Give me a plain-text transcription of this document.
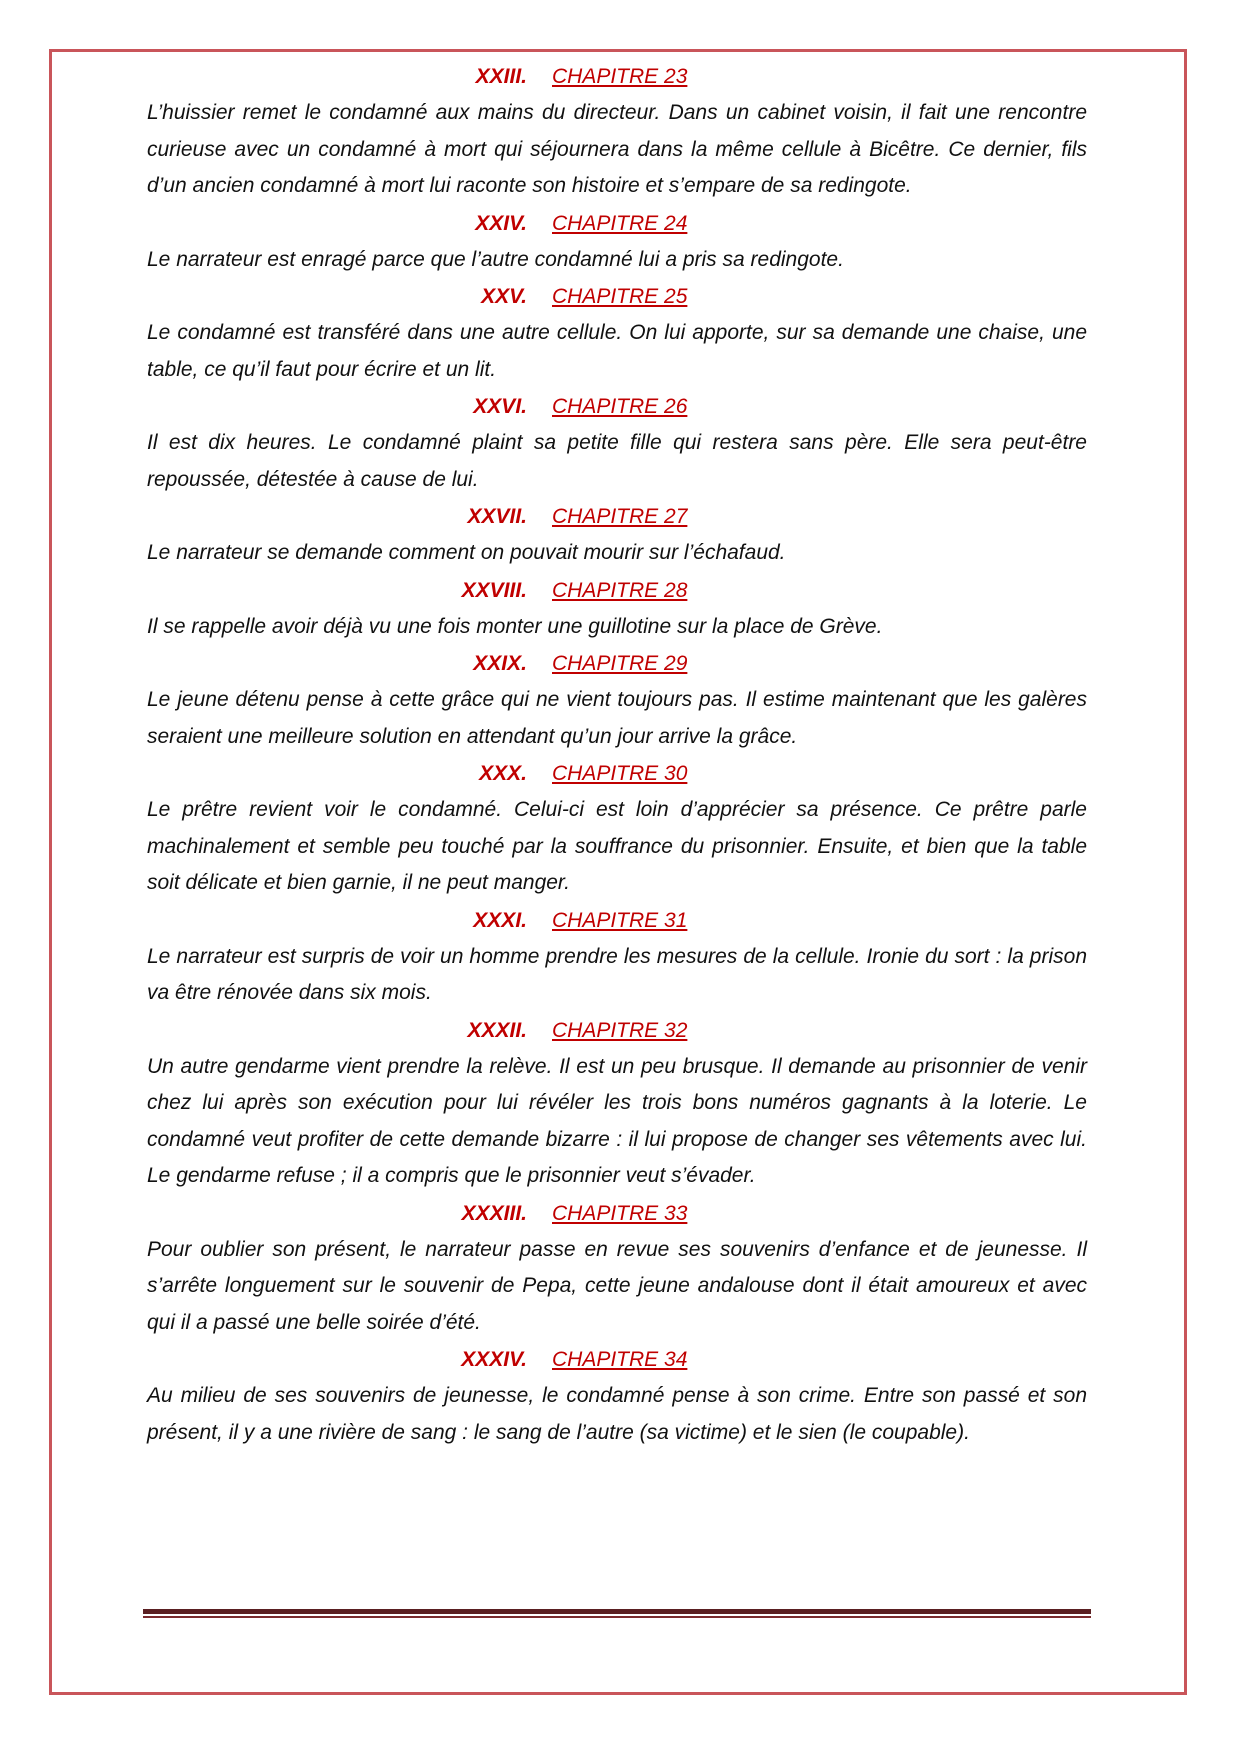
XXIII. CHAPITRE 23

L’huissier remet le condamné aux mains du directeur. Dans un cabinet voisin, il fait une rencontre curieuse avec un condamné à mort qui séjournera dans la même cellule à Bicêtre. Ce dernier, fils d’un ancien condamné à mort lui raconte son histoire et s’empare de sa redingote.

XXIV. CHAPITRE 24

Le narrateur est enragé parce que l’autre condamné lui a pris sa redingote.

XXV. CHAPITRE 25

Le condamné est transféré dans une autre cellule. On lui apporte, sur sa demande une chaise, une table, ce qu’il faut pour écrire et un lit.

XXVI. CHAPITRE 26

Il est dix heures. Le condamné plaint sa petite fille qui restera sans père. Elle sera peut-être repoussée, détestée à cause de lui.

XXVII. CHAPITRE 27

Le narrateur se demande comment on pouvait mourir sur l’échafaud.

XXVIII. CHAPITRE 28

Il se rappelle avoir déjà vu une fois monter une guillotine sur la place de Grève.

XXIX. CHAPITRE 29

Le jeune détenu pense à cette grâce qui ne vient toujours pas. Il estime maintenant que les galères seraient une meilleure solution en attendant qu’un jour arrive la grâce.

XXX. CHAPITRE 30

Le prêtre revient voir le condamné. Celui-ci est loin d’apprécier sa présence. Ce prêtre parle machinalement et semble peu touché par la souffrance du prisonnier. Ensuite, et bien que la table soit délicate et bien garnie, il ne peut manger.

XXXI. CHAPITRE 31

Le narrateur est surpris de voir un homme prendre les mesures de la cellule. Ironie du sort : la prison va être rénovée dans six mois.

XXXII. CHAPITRE 32

Un autre gendarme vient prendre la relève. Il est un peu brusque. Il demande au prisonnier de venir chez lui après son exécution pour lui révéler les trois bons numéros gagnants à la loterie. Le condamné veut profiter de cette demande bizarre : il lui propose de changer ses vêtements avec lui. Le gendarme refuse ; il a compris que le prisonnier veut s’évader.

XXXIII. CHAPITRE 33

Pour oublier son présent, le narrateur passe en revue ses souvenirs d’enfance et de jeunesse. Il s’arrête longuement sur le souvenir de Pepa, cette jeune andalouse dont il était amoureux et avec qui il a passé une belle soirée d’été.

XXXIV. CHAPITRE 34

Au milieu de ses souvenirs de jeunesse, le condamné pense à son crime. Entre son passé et son présent, il y a une rivière de sang : le sang de l’autre (sa victime) et le sien (le coupable).
